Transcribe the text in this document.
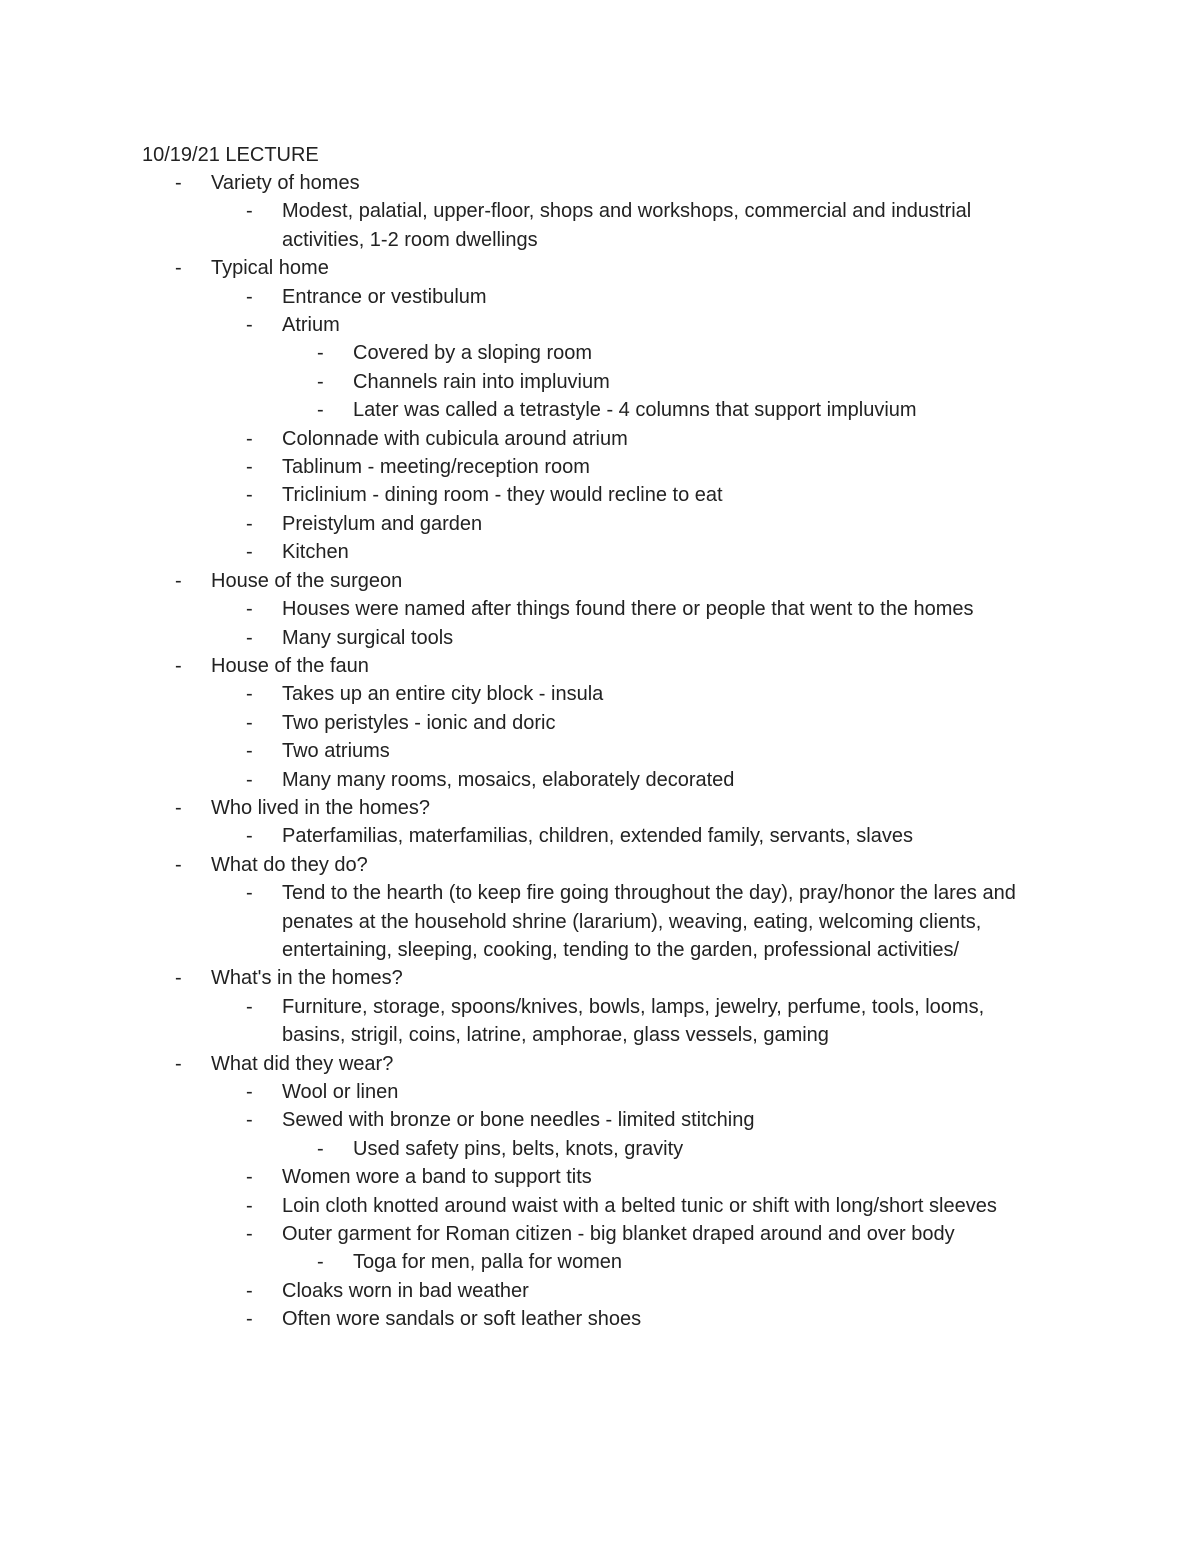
10/19/21 LECTURE
-	Variety of homes
-	Modest, palatial, upper-floor, shops and workshops, commercial and industrial activities, 1-2 room dwellings
-	Typical home
-	Entrance or vestibulum
-	Atrium
-	Covered by a sloping room
-	Channels rain into impluvium
-	Later was called a tetrastyle - 4 columns that support impluvium
-	Colonnade with cubicula around atrium
-	Tablinum - meeting/reception room
-	Triclinium - dining room - they would recline to eat
-	Preistylum and garden
-	Kitchen
-	House of the surgeon
-	Houses were named after things found there or people that went to the homes
-	Many surgical tools
-	House of the faun
-	Takes up an entire city block - insula
-	Two peristyles - ionic and doric
-	Two atriums
-	Many many rooms, mosaics, elaborately decorated
-	Who lived in the homes?
-	Paterfamilias, materfamilias, children, extended family, servants, slaves
-	What do they do?
-	Tend to the hearth (to keep fire going throughout the day), pray/honor the lares and penates at the household shrine (lararium), weaving, eating, welcoming clients, entertaining, sleeping, cooking, tending to the garden, professional activities/
-	What's in the homes?
-	Furniture, storage, spoons/knives, bowls, lamps, jewelry, perfume, tools, looms, basins, strigil, coins, latrine, amphorae, glass vessels, gaming
-	What did they wear?
-	Wool or linen
-	Sewed with bronze or bone needles - limited stitching
-	Used safety pins, belts, knots, gravity
-	Women wore a band to support tits
-	Loin cloth knotted around waist with a belted tunic or shift with long/short sleeves
-	Outer garment for Roman citizen - big blanket draped around and over body
-	Toga for men, palla for women
-	Cloaks worn in bad weather
-	Often wore sandals or soft leather shoes
